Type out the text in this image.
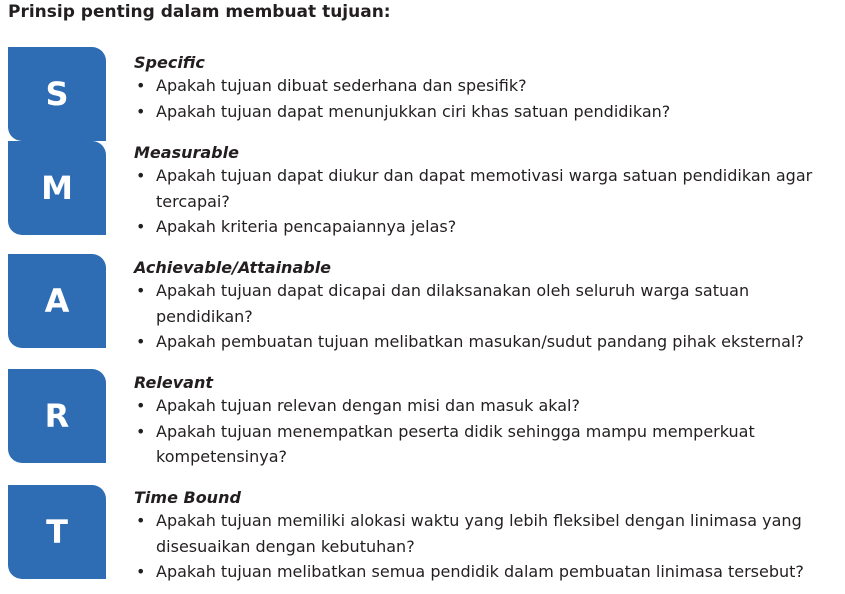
Prinsip penting dalam membuat tujuan:
S
Specific
• Apakah tujuan dibuat sederhana dan spesifik?
• Apakah tujuan dapat menunjukkan ciri khas satuan pendidikan?
M
Measurable
• Apakah tujuan dapat diukur dan dapat memotivasi warga satuan pendidikan agar tercapai?
• Apakah kriteria pencapaiannya jelas?
A
Achievable/Attainable
• Apakah tujuan dapat dicapai dan dilaksanakan oleh seluruh warga satuan pendidikan?
• Apakah pembuatan tujuan melibatkan masukan/sudut pandang pihak eksternal?
R
Relevant
• Apakah tujuan relevan dengan misi dan masuk akal?
• Apakah tujuan menempatkan peserta didik sehingga mampu memperkuat kompetensinya?
T
Time Bound
• Apakah tujuan memiliki alokasi waktu yang lebih fleksibel dengan linimasa yang disesuaikan dengan kebutuhan?
• Apakah tujuan melibatkan semua pendidik dalam pembuatan linimasa tersebut?
